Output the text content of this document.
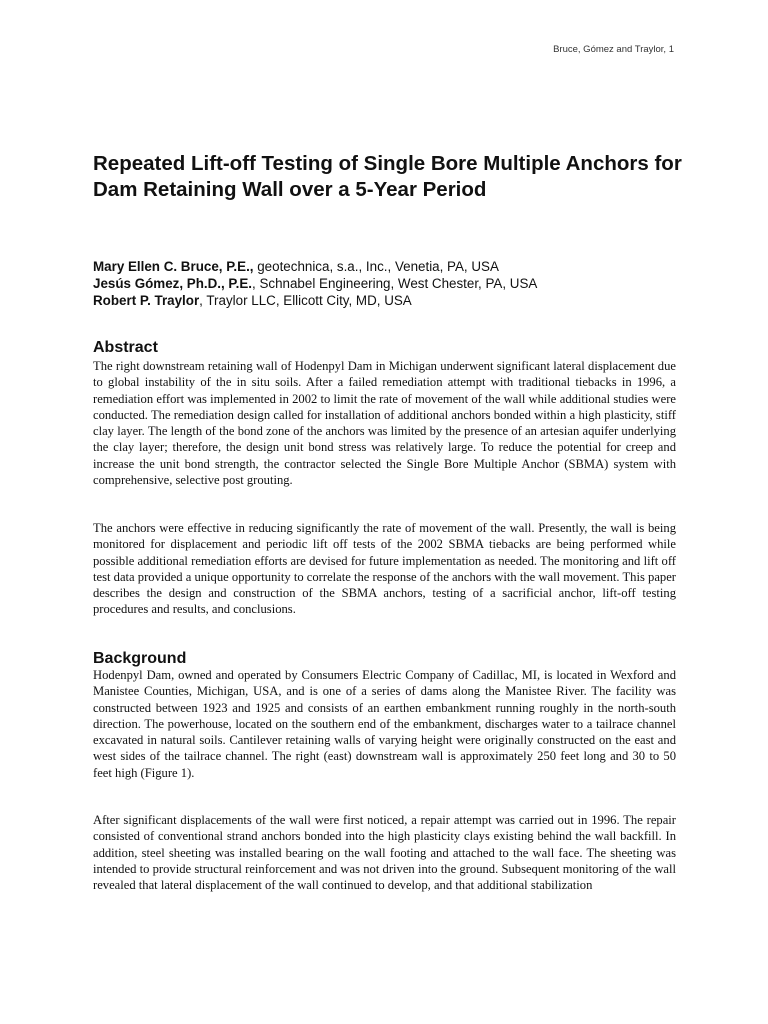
Bruce, Gómez and Traylor, 1
Repeated Lift-off Testing of Single Bore Multiple Anchors for Dam Retaining Wall over a 5-Year Period
Mary Ellen C. Bruce, P.E., geotechnica, s.a., Inc., Venetia, PA, USA
Jesús Gómez, Ph.D., P.E., Schnabel Engineering, West Chester, PA, USA
Robert P. Traylor, Traylor LLC, Ellicott City, MD, USA
Abstract

The right downstream retaining wall of Hodenpyl Dam in Michigan underwent significant lateral displacement due to global instability of the in situ soils. After a failed remediation attempt with traditional tiebacks in 1996, a remediation effort was implemented in 2002 to limit the rate of movement of the wall while additional studies were conducted. The remediation design called for installation of additional anchors bonded within a high plasticity, stiff clay layer. The length of the bond zone of the anchors was limited by the presence of an artesian aquifer underlying the clay layer; therefore, the design unit bond stress was relatively large. To reduce the potential for creep and increase the unit bond strength, the contractor selected the Single Bore Multiple Anchor (SBMA) system with comprehensive, selective post grouting.

The anchors were effective in reducing significantly the rate of movement of the wall. Presently, the wall is being monitored for displacement and periodic lift off tests of the 2002 SBMA tiebacks are being performed while possible additional remediation efforts are devised for future implementation as needed. The monitoring and lift off test data provided a unique opportunity to correlate the response of the anchors with the wall movement. This paper describes the design and construction of the SBMA anchors, testing of a sacrificial anchor, lift-off testing procedures and results, and conclusions.

Background

Hodenpyl Dam, owned and operated by Consumers Electric Company of Cadillac, MI, is located in Wexford and Manistee Counties, Michigan, USA, and is one of a series of dams along the Manistee River. The facility was constructed between 1923 and 1925 and consists of an earthen embankment running roughly in the north-south direction. The powerhouse, located on the southern end of the embankment, discharges water to a tailrace channel excavated in natural soils. Cantilever retaining walls of varying height were originally constructed on the east and west sides of the tailrace channel. The right (east) downstream wall is approximately 250 feet long and 30 to 50 feet high (Figure 1).

After significant displacements of the wall were first noticed, a repair attempt was carried out in 1996. The repair consisted of conventional strand anchors bonded into the high plasticity clays existing behind the wall backfill. In addition, steel sheeting was installed bearing on the wall footing and attached to the wall face. The sheeting was intended to provide structural reinforcement and was not driven into the ground. Subsequent monitoring of the wall revealed that lateral displacement of the wall continued to develop, and that additional stabilization
